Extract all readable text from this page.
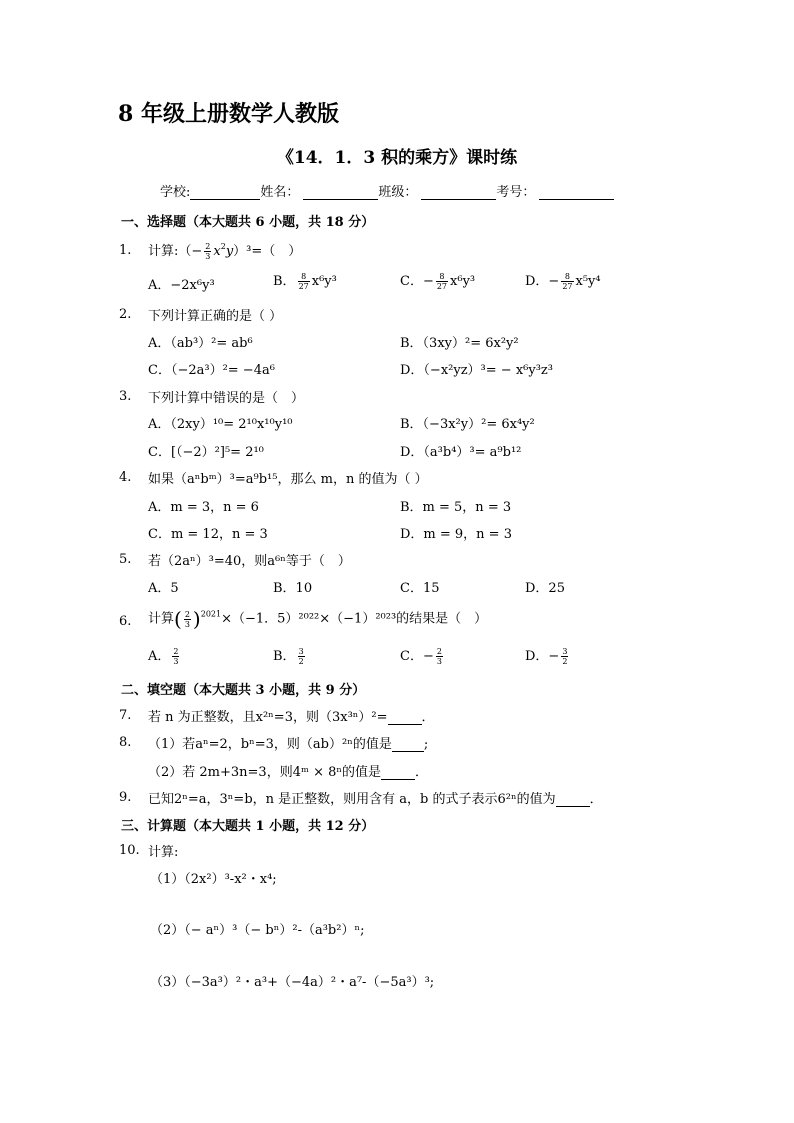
8 年级上册数学人教版
《14．1．3 积的乘方》课时练
学校:	姓名：	班级：	考号：
一、选择题（本大题共 6 小题，共 18 分）
1. 计算:（− $\frac{2}{3} x^2y)^3=$（　）
A．−2x⁶y³	B． $\frac{8}{27} x^6y^3$	C．− $\frac{8}{27} x^6y^3$	D．− $\frac{8}{27} x^5y^4$
2. 下列计算正确的是（ ）
A．（ab³）²= ab⁶	B．（3xy）²= 6x²y²
C．（−2a³）²= −4a⁶	D．（−x²yz）³= − x⁶y³z³
3. 下列计算中错误的是（　）
A．（2xy）¹⁰= 2¹⁰x¹⁰y¹⁰	B．（−3x²y）²= 6x⁴y²
C．[（−2）²]⁵= 2¹⁰	D．（a³b⁴）³= a⁹b¹²
4. 如果（aⁿbᵐ）³=a⁹b¹⁵，那么 m，n 的值为（ ）
A．m = 3，n = 6	B．m = 5，n = 3
C．m = 12，n = 3	D．m = 9，n = 3
5. 若（2aⁿ）³=40，则a⁶ⁿ等于（　）
A．5	B．10	C．15	D．25
6. 计算( $\frac{2}{3} )^{2021}\times(-1$．5）²⁰²²×（−1）²⁰²³的结果是（　）
A． $\frac{2}{3}$	B． $\frac{3}{2}$	C．− $\frac{2}{3}$	D．− $\frac{3}{2}$
二、填空题（本大题共 3 小题，共 9 分）
7. 若 n 为正整数，且x²ⁿ=3，则（3x³ⁿ）²=	．
8. （1）若aⁿ=2，bⁿ=3，则（ab）²ⁿ的值是 ;
（2）若 2m+3n=3，则4ᵐ × 8ⁿ的值是	．
9. 已知2ⁿ=a，3ⁿ=b，n 是正整数，则用含有 a，b 的式子表示6²ⁿ的值为	．
三、计算题（本大题共 1 小题，共 12 分）
10. 计算:
（1）（2x²）³-x²・x⁴;
（2）（− aⁿ）³（− bⁿ）²-（a³b²）ⁿ;
（3）（−3a³）²・a³+（−4a）²・a⁷-（−5a³）³;
